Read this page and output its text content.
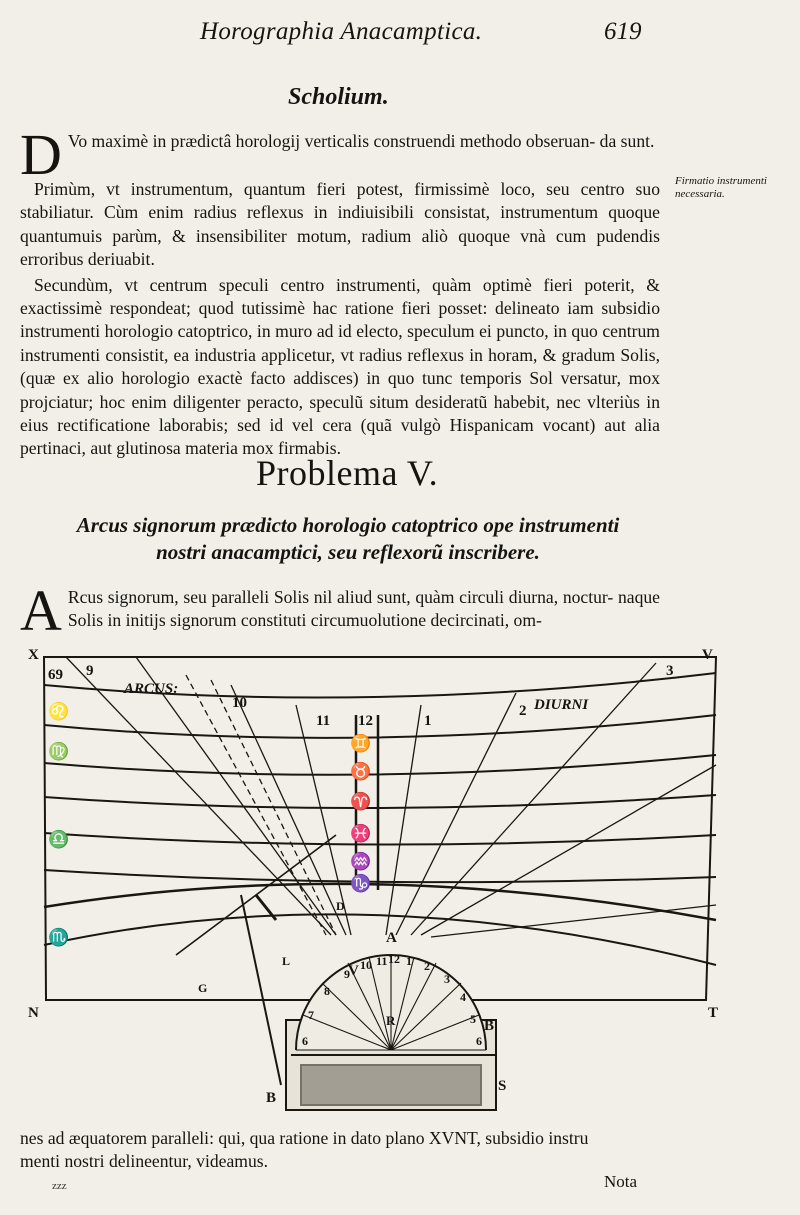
Horographia Anacamptica.	619
Scholium.

D Vo maximè in prædictâ horologij verticalis construendi methodo obseruan- da sunt.

Primùm, vt instrumentum, quantum fieri potest, firmissimè loco, seu centro suo stabiliatur. Cùm enim radius reflexus in indiuisibili consistat, instrumentum quoque quantumuis parùm, & insensibiliter motum, radium aliò quoque vnà cum pudendis erroribus deriuabit.

Secundùm, vt centrum speculi centro instrumenti, quàm optimè fieri poterit, & exactissimè respondeat; quod tutissimè hac ratione fieri posset: delineato iam subsidio instrumenti horologio catoptrico, in muro ad id electo, speculum ei puncto, in quo centrum instrumenti consistit, ea industria applicetur, vt radius reflexus in horam, & gradum Solis, (quæ ex alio horologio exactè facto addisces) in quo tunc temporis Sol versatur, mox projciatur; hoc enim diligenter peracto, speculũ situm desideratũ habebit, nec vlteriùs in eius rectificatione laborabis; sed id vel cera (quã vulgò Hispanicam vocant) aut alia pertinaci, aut glutinosa materia mox firmabis.

Firmatio instrumenti necessaria.
Problema V.
Arcus signorum prædicto horologio catoptrico ope instrumenti
nostri anacamptici, seu reflexorũ inscribere.

A Rcus signorum, seu paralleli Solis nil aliud sunt, quàm circuli diurna, noctur- naque Solis in initijs signorum constituti circumuolutione decircinati, om-

X	V
N	T
69
A
R
B
B
S
V
D
L
G
ARCUS:
DIURNI
9
10
11 12	1
2
3
♊
♉
♈
♓
♒
♑
♌
♍
♎
♏
6
7
8
9
10 11 12 1 2
3
4
5
6

nes ad æquatorem paralleli: qui, qua ratione in dato plano XVNT, subsidio instru

menti nostri delineentur, videamus.

zzz	Nota
